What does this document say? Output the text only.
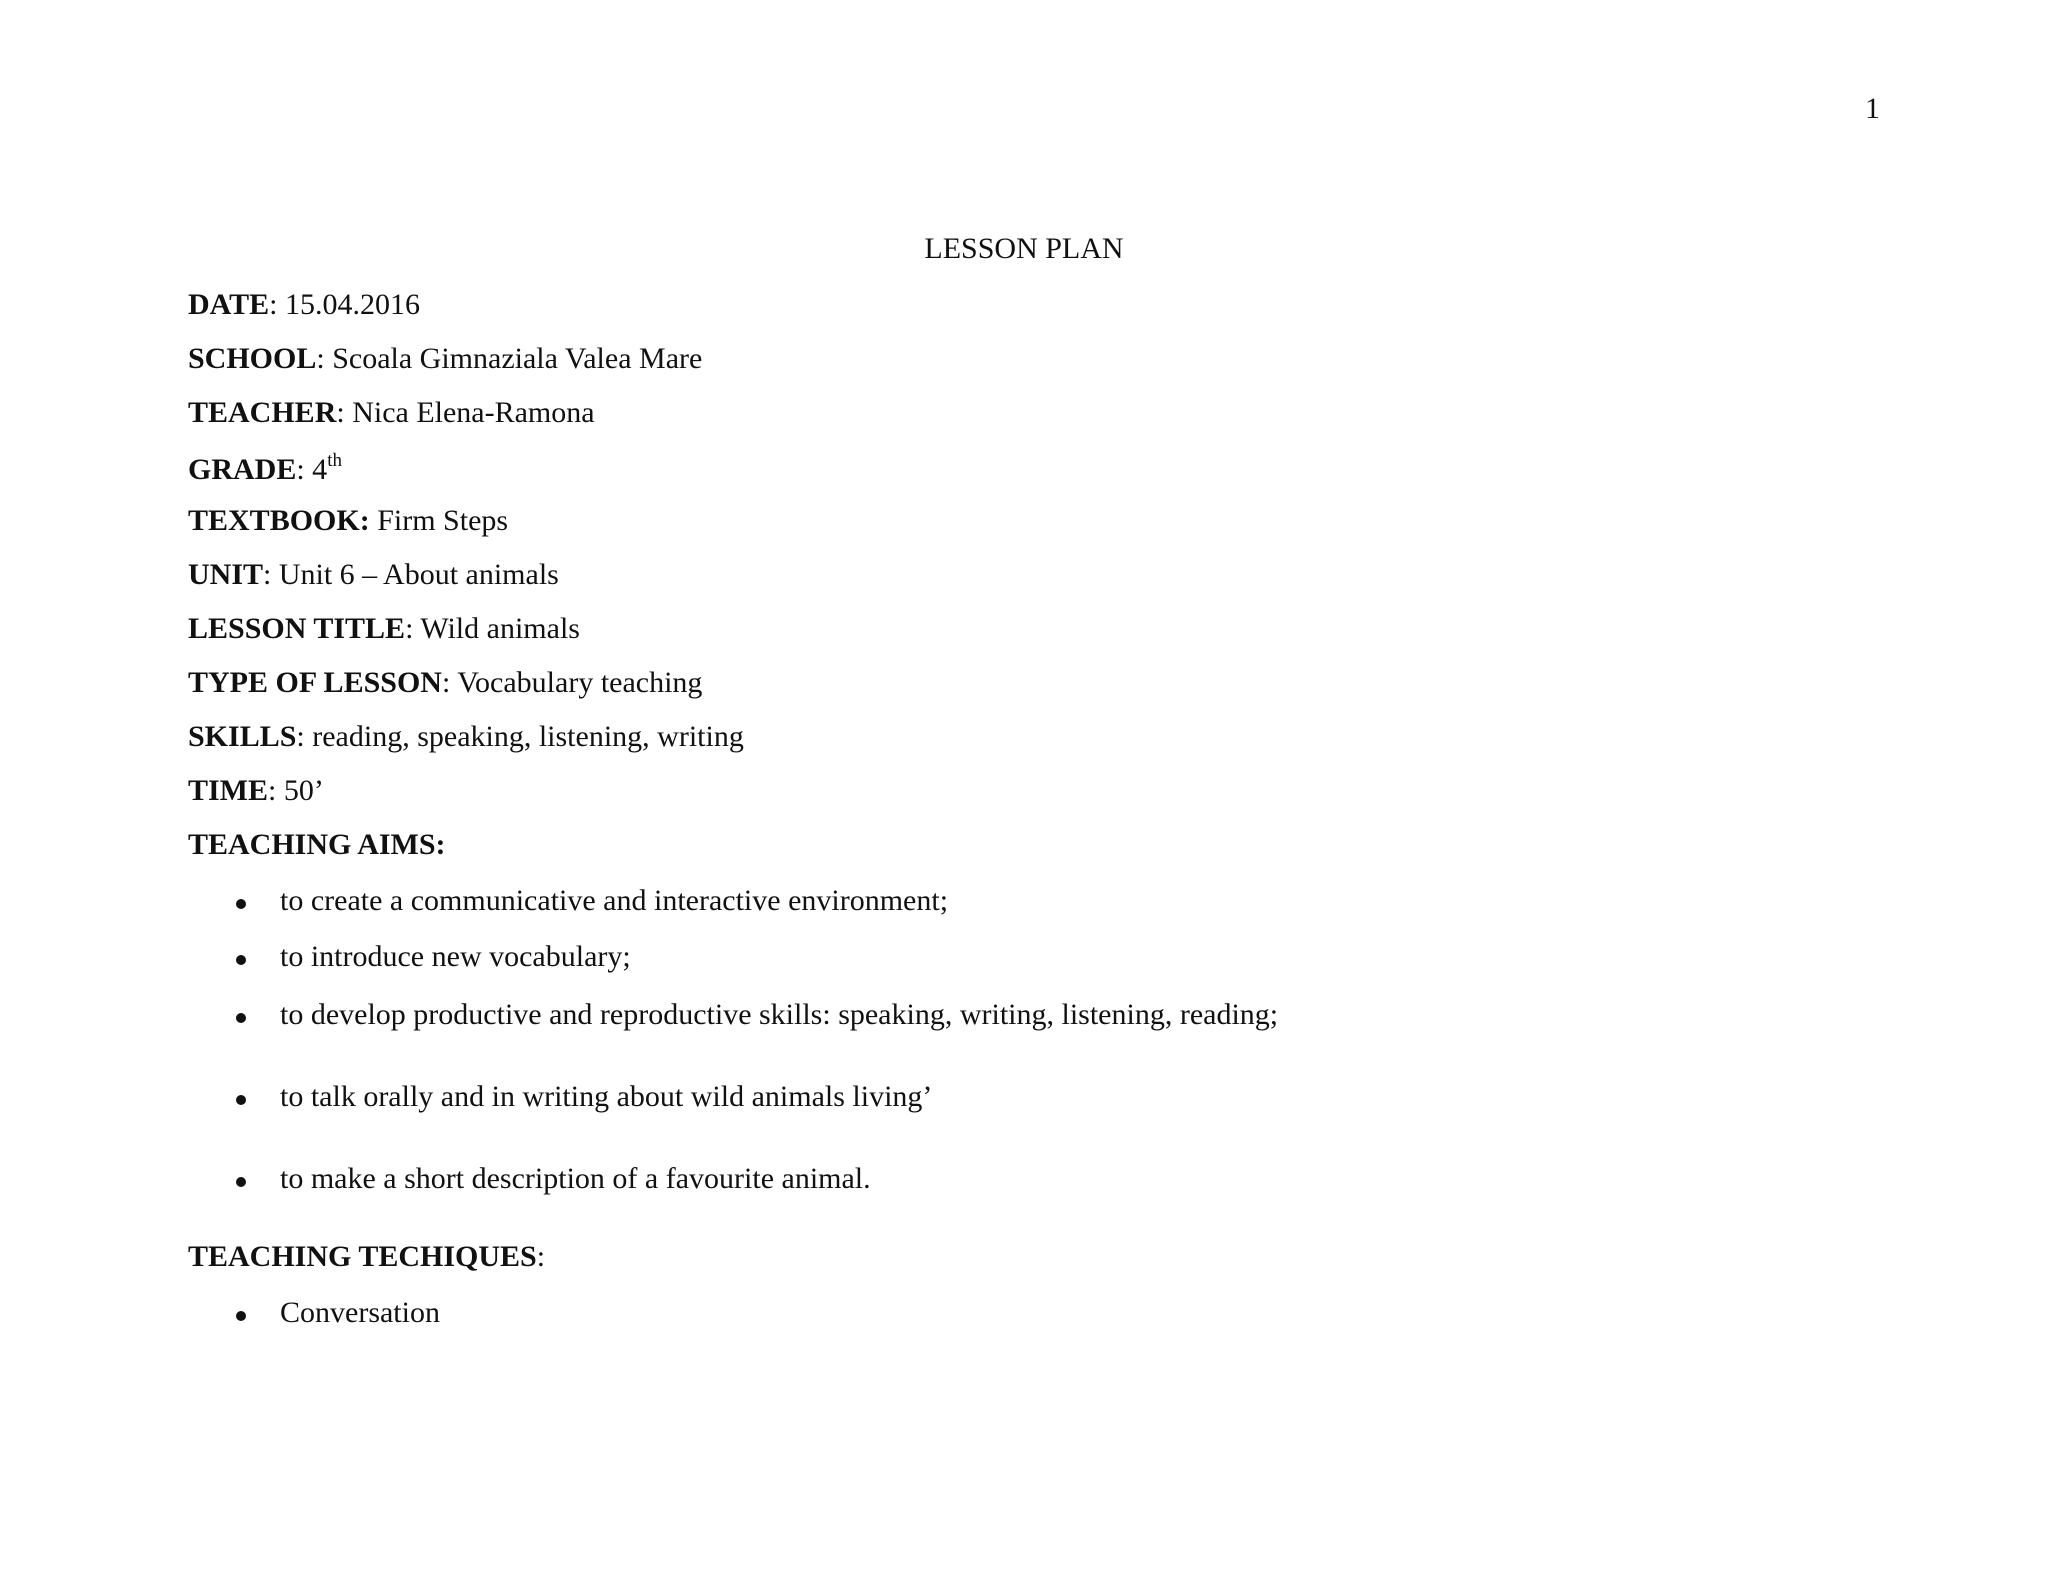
1
LESSON PLAN
DATE: 15.04.2016
SCHOOL: Scoala Gimnaziala Valea Mare
TEACHER: Nica Elena-Ramona
GRADE: 4th
TEXTBOOK: Firm Steps
UNIT: Unit 6 – About animals
LESSON TITLE: Wild animals
TYPE OF LESSON: Vocabulary teaching
SKILLS: reading, speaking, listening, writing
TIME: 50’
TEACHING AIMS:
to create a communicative and interactive environment;
to introduce new vocabulary;
to develop productive and reproductive skills: speaking, writing, listening, reading;
to talk orally and in writing about wild animals living’
to make a short description of a favourite animal.
TEACHING TECHIQUES:
Conversation
